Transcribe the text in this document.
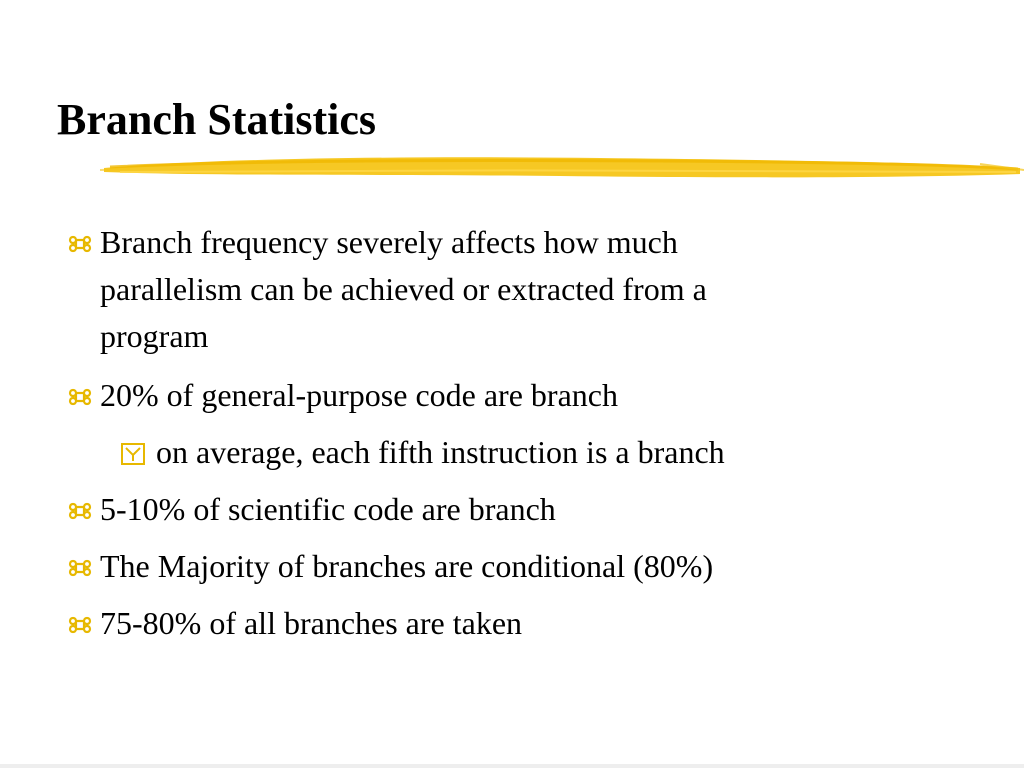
Branch Statistics
Branch frequency severely affects how much
parallelism can be achieved or extracted from a
program
20% of general-purpose code are branch
on average, each fifth instruction is a branch
5-10% of scientific code are branch
The Majority of branches are conditional (80%)
75-80% of all branches are taken
